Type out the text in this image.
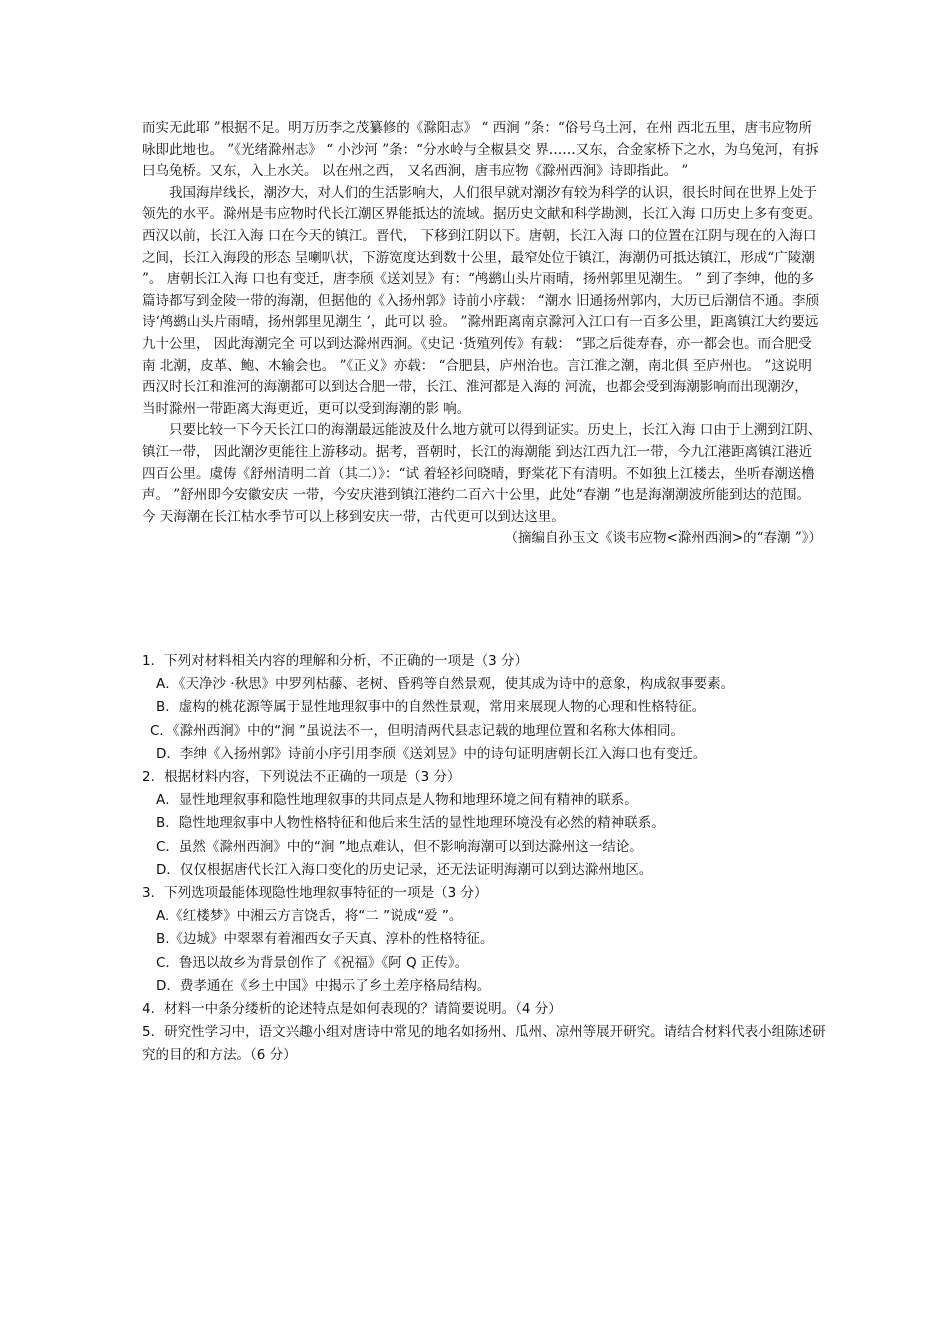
而实无此耶 ”根据不足。明万历李之茂纂修的《滁阳志》 “ 西涧 ”条：“俗号乌土河，在州 西北五里，唐韦应物所咏即此地也。 ”《光绪滁州志》 “ 小沙河 ”条：“分水岭与全椒县交 界……又东，合金家桥下之水，为乌兔河，有拆曰乌兔桥。又东，入上水关。 以在州之西， 又名西涧，唐韦应物《滁州西涧》诗即指此。 ”

我国海岸线长，潮汐大，对人们的生活影响大，人们很早就对潮汐有较为科学的认识，很长时间在世界上处于领先的水平。滁州是韦应物时代长江潮区界能抵达的流域。据历史文献和科学勘测，长江入海 口历史上多有变更。西汉以前，长江入海 口在今天的镇江。晋代， 下移到江阴以下。唐朝，长江入海 口的位置在江阴与现在的入海口之间，长江入海段的形态 呈喇叭状，下游宽度达到数十公里，最窄处位于镇江，海潮仍可抵达镇江，形成“广陵潮 ”。 唐朝长江入海 口也有变迁，唐李颀《送刘昱》有：“鸬鹚山头片雨晴，扬州郭里见潮生。 ” 到了李绅，他的多篇诗都写到金陵一带的海潮，但据他的《入扬州郭》诗前小序载： “潮水 旧通扬州郭内，大历已后潮信不通。李颀诗‘鸬鹚山头片雨晴，扬州郭里见潮生 ’，此可以 验。 ”滁州距离南京滁河入江口有一百多公里，距离镇江大约要远九十公里， 因此海潮完全 可以到达滁州西涧。《史记 ·货殖列传》有载： “郢之后徙寿春，亦一都会也。而合肥受南 北潮，皮革、鲍、木输会也。 ”《正义》亦载： “合肥县，庐州治也。言江淮之潮，南北俱 至庐州也。 ”这说明西汉时长江和淮河的海潮都可以到达合肥一带，长江、淮河都是入海的 河流，也都会受到海潮影响而出现潮汐， 当时滁州一带距离大海更近，更可以受到海潮的影 响。

只要比较一下今天长江口的海潮最远能波及什么地方就可以得到证实。历史上，长江入海 口由于上溯到江阴、镇江一带， 因此潮汐更能往上游移动。据考，晋朝时，长江的海潮能 到达江西九江一带，今九江港距离镇江港近四百公里。虞俦《舒州清明二首（其二）》：“试 着轻衫问晓晴，野棠花下有清明。不如独上江楼去，坐听春潮送橹声。 ”舒州即今安徽安庆 一带，今安庆港到镇江港约二百六十公里，此处“春潮 ”也是海潮潮波所能到达的范围。今 天海潮在长江枯水季节可以上移到安庆一带，古代更可以到达这里。

（摘编自孙玉文《谈韦应物<滁州西涧>的“春潮 ”》）

1．下列对材料相关内容的理解和分析，不正确的一项是（3 分）

A．《天净沙 ·秋思》中罗列枯藤、老树、昏鸦等自然景观，使其成为诗中的意象，构成叙事要素。

B．虚构的桃花源等属于显性地理叙事中的自然性景观，常用来展现人物的心理和性格特征。

C．《滁州西涧》中的“涧 ”虽说法不一，但明清两代县志记载的地理位置和名称大体相同。

D．李绅《入扬州郭》诗前小序引用李颀《送刘昱》中的诗句证明唐朝长江入海口也有变迁。

2．根据材料内容，下列说法不正确的一项是（3 分）

A．显性地理叙事和隐性地理叙事的共同点是人物和地理环境之间有精神的联系。

B．隐性地理叙事中人物性格特征和他后来生活的显性地理环境没有必然的精神联系。

C．虽然《滁州西涧》中的“涧 ”地点难认，但不影响海潮可以到达滁州这一结论。

D．仅仅根据唐代长江入海口变化的历史记录，还无法证明海潮可以到达滁州地区。

3．下列选项最能体现隐性地理叙事特征的一项是（3 分）

A.《红楼梦》中湘云方言饶舌，将“二 ”说成“爱 ”。

B.《边城》中翠翠有着湘西女子天真、淳朴的性格特征。

C．鲁迅以故乡为背景创作了《祝福》《阿 Q 正传》。

D．费孝通在《乡土中国》中揭示了乡土差序格局结构。

4．材料一中条分缕析的论述特点是如何表现的？请简要说明。（4 分）

5．研究性学习中，语文兴趣小组对唐诗中常见的地名如扬州、瓜州、凉州等展开研究。请结合材料代表小组陈述研究的目的和方法。（6 分）
